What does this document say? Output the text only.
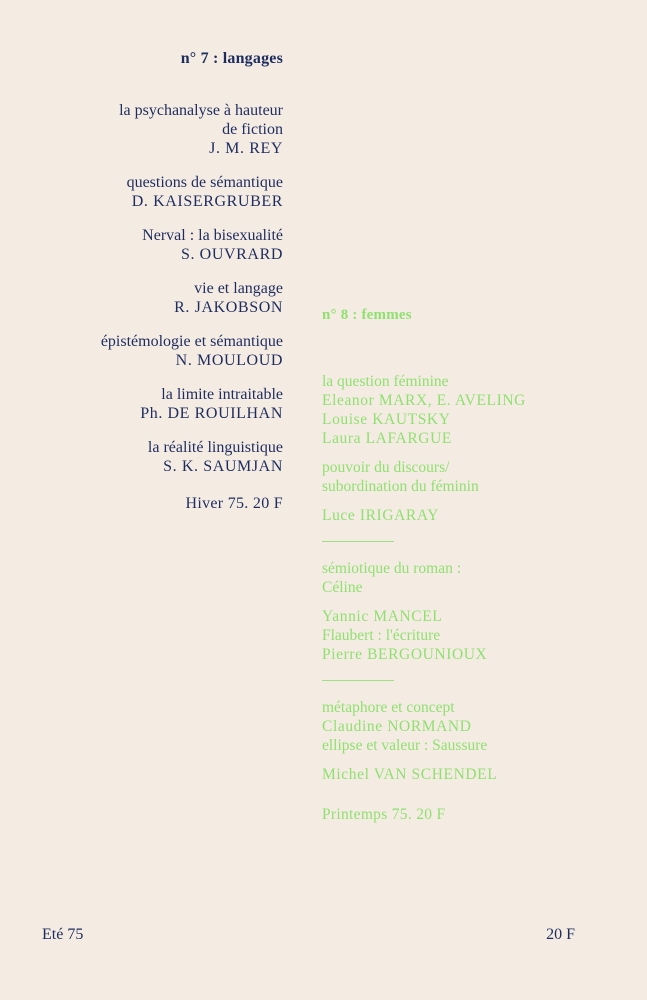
n° 7 : langages
la psychanalyse à hauteur
de fiction
J. M. REY
questions de sémantique
D. KAISERGRUBER
Nerval : la bisexualité
S. OUVRARD
vie et langage
R. JAKOBSON
épistémologie et sémantique
N. MOULOUD
la limite intraitable
Ph. DE ROUILHAN
la réalité linguistique
S. K. SAUMJAN
Hiver 75. 20 F
n° 8 : femmes
la question féminine
Eleanor MARX, E. AVELING
Louise KAUTSKY
Laura LAFARGUE
pouvoir du discours/
subordination du féminin
Luce IRIGARAY
sémiotique du roman :
Céline
Yannic MANCEL
Flaubert : l'écriture
Pierre BERGOUNIOUX
métaphore et concept
Claudine NORMAND
ellipse et valeur : Saussure
Michel VAN SCHENDEL
Printemps 75. 20 F
Eté 75	20 F
